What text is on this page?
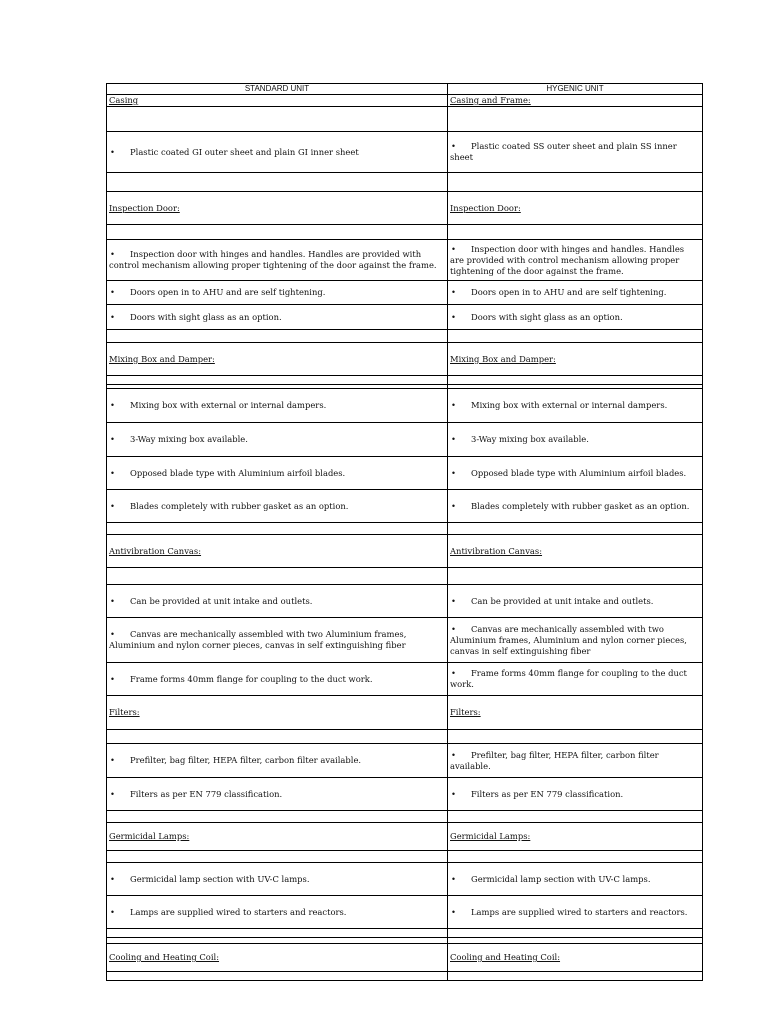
STANDARD UNIT	HYGENIC UNIT
Casing	Casing and Frame:

• Plastic coated GI outer sheet and plain GI inner sheet	• Plastic coated SS outer sheet and plain SS inner sheet

Inspection Door:	Inspection Door:

• Inspection door with hinges and handles. Handles are provided with control mechanism allowing proper tightening of the door against the frame.	• Inspection door with hinges and handles. Handles are provided with control mechanism allowing proper tightening of the door against the frame.
• Doors open in to AHU and are self tightening.	• Doors open in to AHU and are self tightening.
• Doors with sight glass as an option.	• Doors with sight glass as an option.

Mixing Box and Damper:	Mixing Box and Damper:

• Mixing box with external or internal dampers.	• Mixing box with external or internal dampers.
• 3-Way mixing box available.	• 3-Way mixing box available.
• Opposed blade type with Aluminium airfoil blades.	• Opposed blade type with Aluminium airfoil blades.
• Blades completely with rubber gasket as an option.	• Blades completely with rubber gasket as an option.

Antivibration Canvas:	Antivibration Canvas:

• Can be provided at unit intake and outlets.	• Can be provided at unit intake and outlets.
• Canvas are mechanically assembled with two Aluminium frames, Aluminium and nylon corner pieces, canvas in self extinguishing fiber	• Canvas are mechanically assembled with two Aluminium frames, Aluminium and nylon corner pieces, canvas in self extinguishing fiber
• Frame forms 40mm flange for coupling to the duct work.	• Frame forms 40mm flange for coupling to the duct work.
Filters:	Filters:

• Prefilter, bag filter, HEPA filter, carbon filter available.	• Prefilter, bag filter, HEPA filter, carbon filter available.
• Filters as per EN 779 classification.	• Filters as per EN 779 classification.

Germicidal Lamps:	Germicidal Lamps:

• Germicidal lamp section with UV-C lamps.	• Germicidal lamp section with UV-C lamps.
• Lamps are supplied wired to starters and reactors.	• Lamps are supplied wired to starters and reactors.

Cooling and Heating Coil:	Cooling and Heating Coil:
